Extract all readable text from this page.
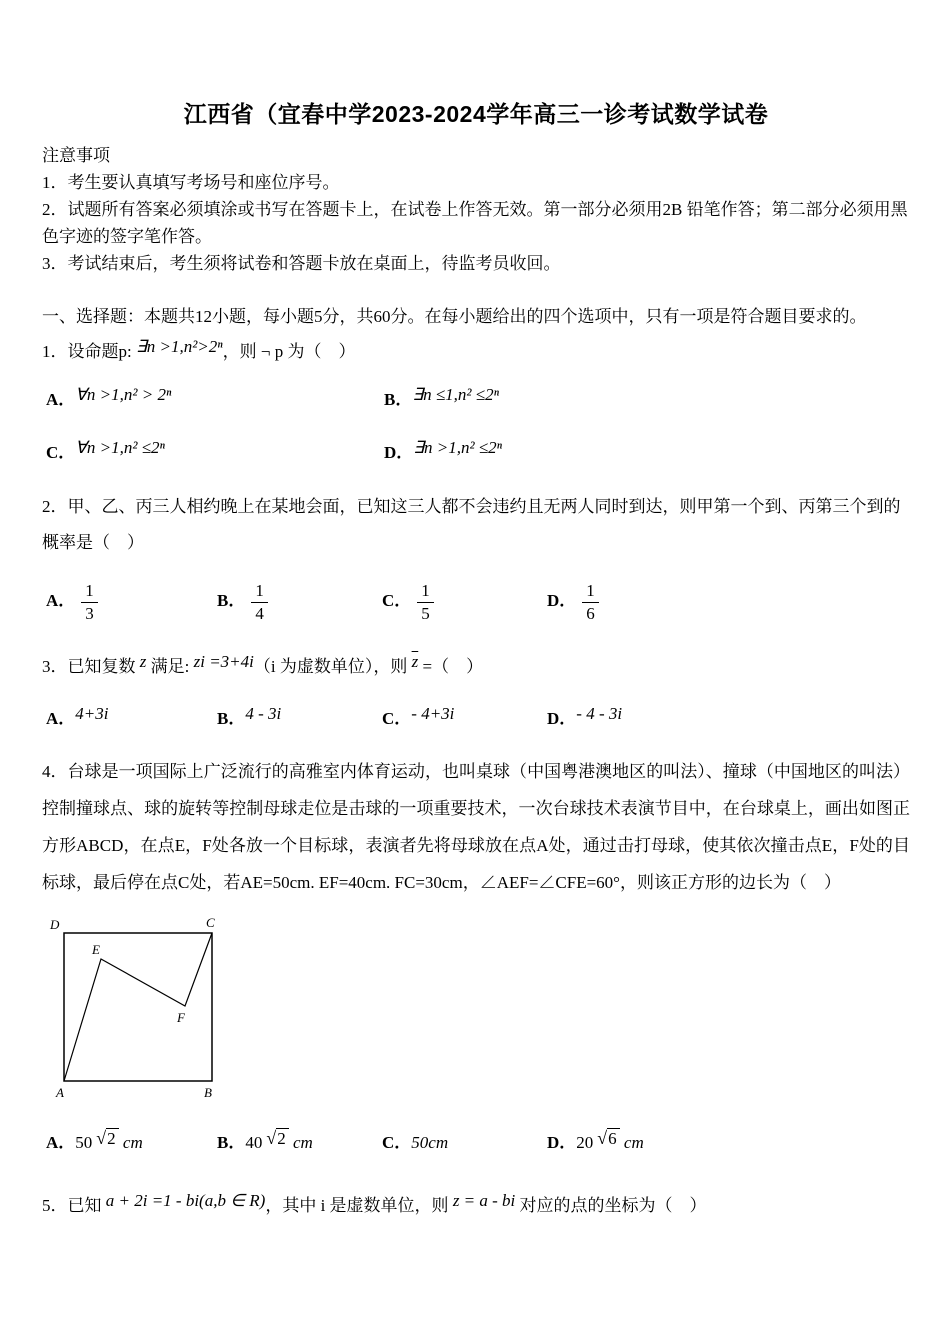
江西省（宜春中学2023-2024学年高三一诊考试数学试卷
注意事项

1．考生要认真填写考场号和座位序号。

2．试题所有答案必须填涂或书写在答题卡上，在试卷上作答无效。第一部分必须用2B 铅笔作答；第二部分必须用黑色字迹的签字笔作答。

3．考试结束后，考生须将试卷和答题卡放在桌面上，待监考员收回。

一、选择题：本题共12小题，每小题5分，共60分。在每小题给出的四个选项中，只有一项是符合题目要求的。
1．设命题p: ∃n >1,n²>2ⁿ，则 ¬ p 为（　）
A．∀n >1,n² > 2ⁿ	B．∃n ≤1,n² ≤2ⁿ
C．∀n >1,n² ≤2ⁿ	D．∃n >1,n² ≤2ⁿ
2．甲、乙、丙三人相约晚上在某地会面，已知这三人都不会违约且无两人同时到达，则甲第一个到、丙第三个到的概率是（　）
A． $\frac{1}{3}$	B． $\frac{1}{4}$	C． $\frac{1}{5}$	D． $\frac{1}{6}$
3．已知复数 z 满足: zi =3+4i（i 为虚数单位），则 $\overline{z}$ =（　）
A．4+3i	B．4 - 3i	C．- 4+3i	D．- 4 - 3i
4．台球是一项国际上广泛流行的高雅室内体育运动，也叫桌球（中国粤港澳地区的叫法）、撞球（中国地区的叫法）控制撞球点、球的旋转等控制母球走位是击球的一项重要技术，一次台球技术表演节目中，在台球桌上，画出如图正方形ABCD，在点E，F处各放一个目标球，表演者先将母球放在点A处，通过击打母球，使其依次撞击点E，F处的目标球，最后停在点C处，若AE=50cm. EF=40cm. FC=30cm，∠AEF=∠CFE=60°，则该正方形的边长为（　）
D	C
E
F
A	B
A．50 √ 2 cm	B．40 √ 2 cm	C．50cm	D．20 √ 6 cm
5．已知 a + 2i =1 - bi(a,b ∈ R)，其中 i 是虚数单位，则 z = a - bi 对应的点的坐标为（　）
